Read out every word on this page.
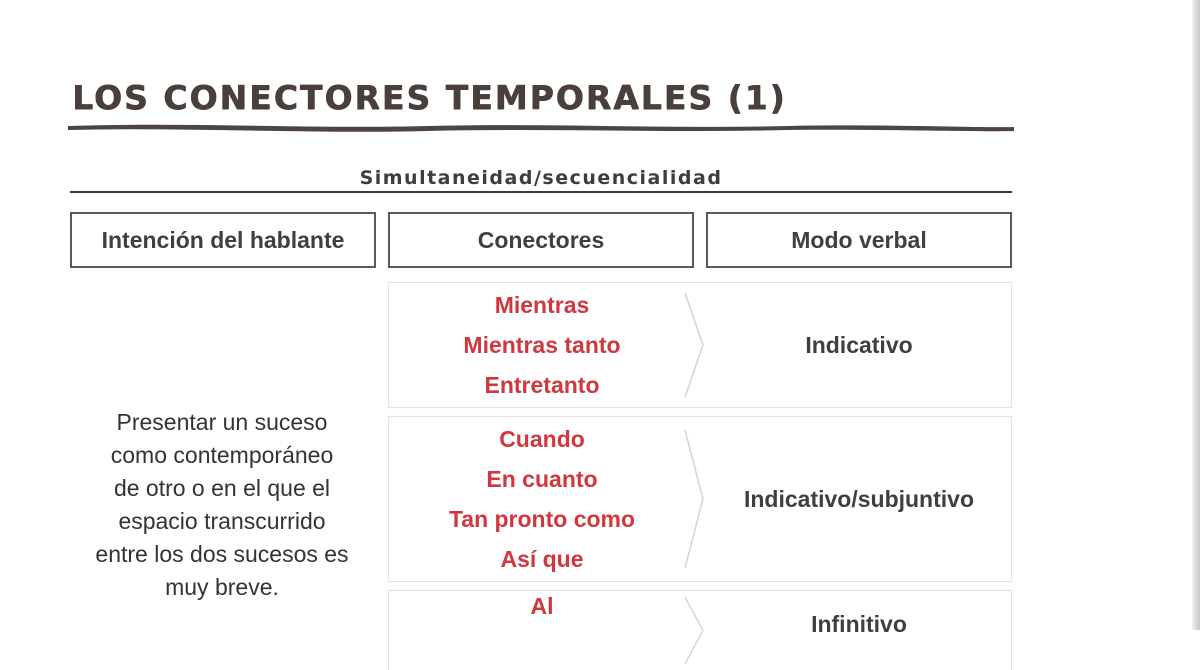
LOS CONECTORES TEMPORALES (1)
Simultaneidad/secuencialidad
Intención del hablante	Conectores	Modo verbal
Presentar un suceso
como contemporáneo
de otro o en el que el
espacio transcurrido
entre los dos sucesos es
muy breve.
Mientras
Mientras tanto
Entretanto
Indicativo
Cuando
En cuanto
Tan pronto como
Así que
Indicativo/subjuntivo
Al
Infinitivo
